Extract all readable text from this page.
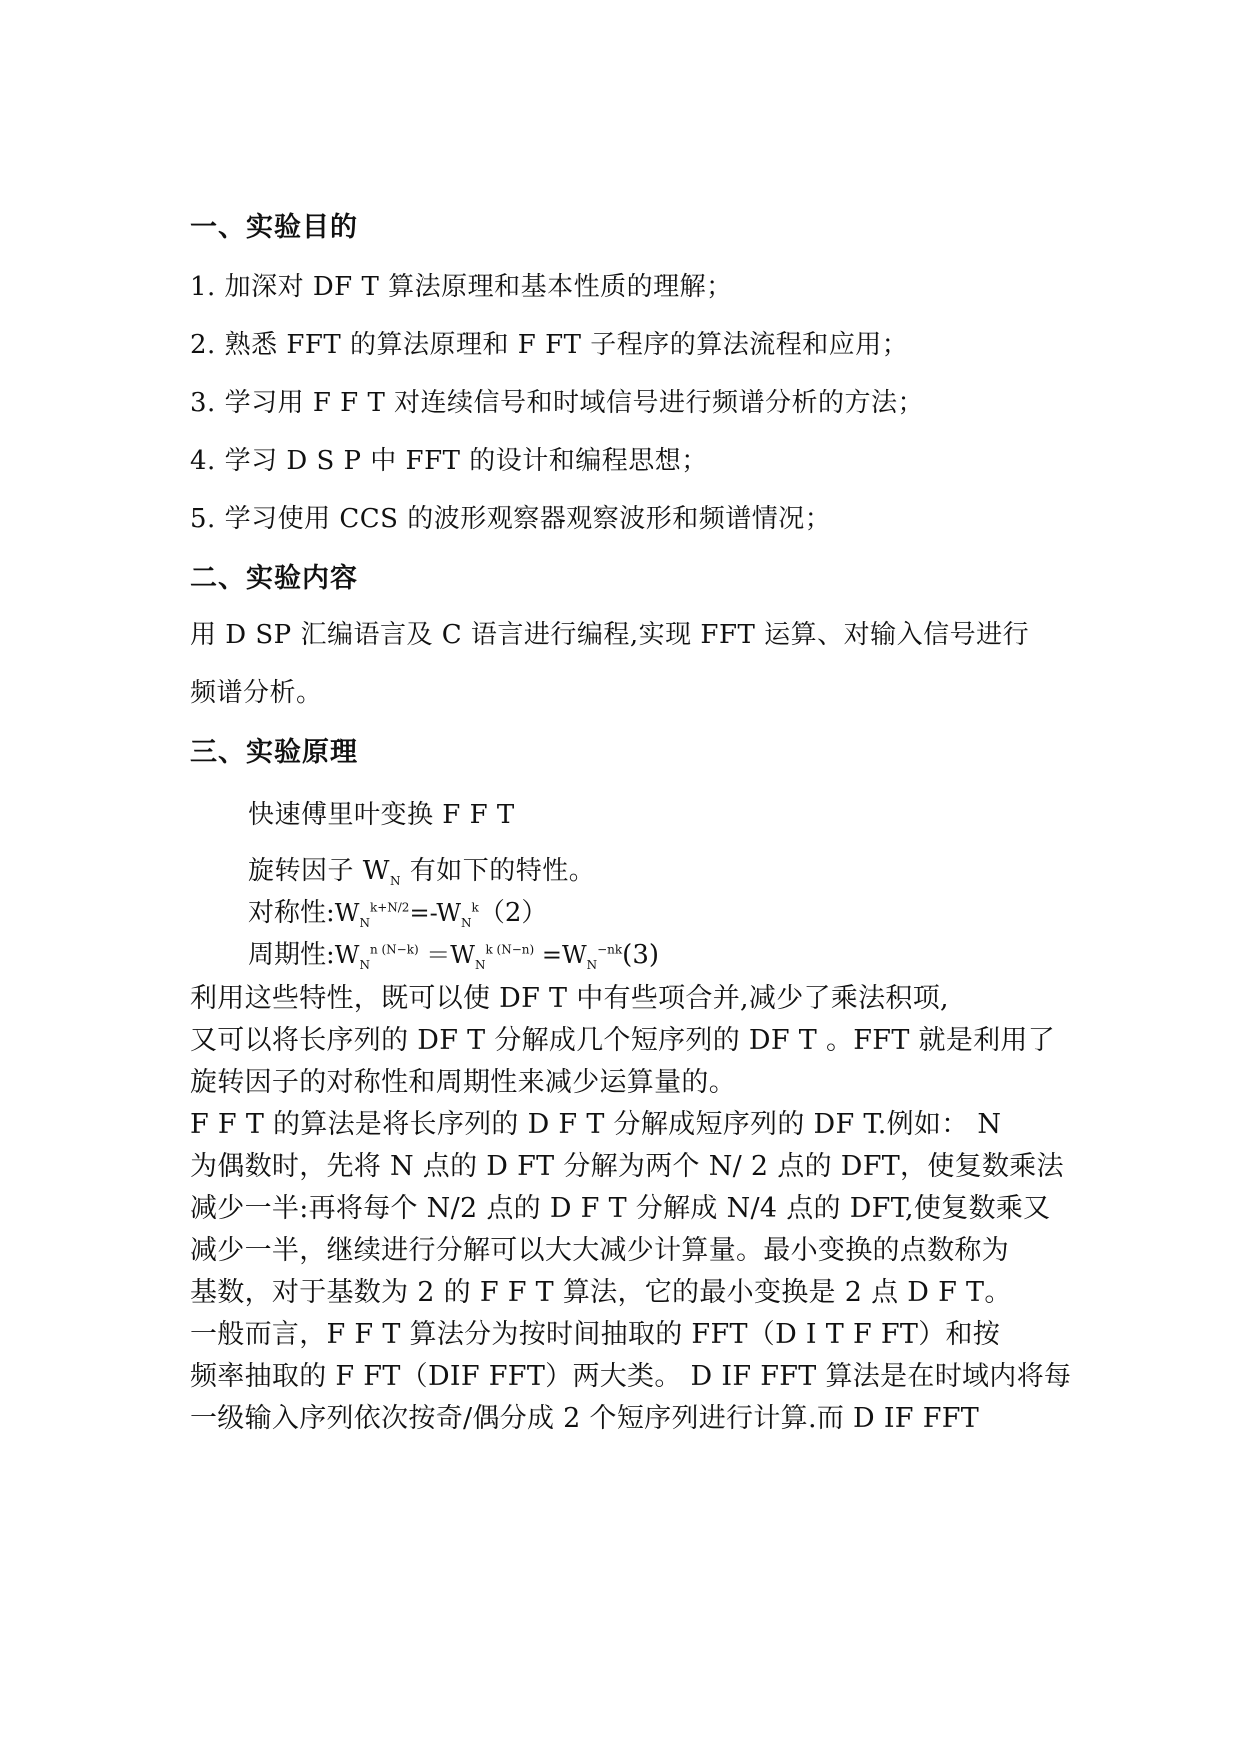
一、实验目的
1. 加深对 DF T 算法原理和基本性质的理解；
2. 熟悉 FFT 的算法原理和 F FT 子程序的算法流程和应用；
3. 学习用 F F T 对连续信号和时域信号进行频谱分析的方法；
4. 学习 D S P 中 FFT 的设计和编程思想；
5. 学习使用 CCS 的波形观察器观察波形和频谱情况；
二、实验内容
用 D SP 汇编语言及 C 语言进行编程,实现 FFT 运算、对输入信号进行
频谱分析。
三、实验原理
快速傅里叶变换 F F T
旋转因子 $W_N$ 有如下的特性。
对称性$:W_N^{k+N/2}=-W_N^k(2)$
周期性$:W_N^{n (N-k)} =W_N^{k (N-n)} =W_N^{-nk}(3)$
利用这些特性，既可以使 DF T 中有些项合并,减少了乘法积项,
又可以将长序列的 DF T 分解成几个短序列的 DF T 。FFT 就是利用了
旋转因子的对称性和周期性来减少运算量的。
F F T 的算法是将长序列的 D F T 分解成短序列的 DF T.例如： N
为偶数时，先将 N 点的 D FT 分解为两个 N/ 2 点的 DFT，使复数乘法
减少一半:再将每个 N/2 点的 D F T 分解成 N/4 点的 DFT,使复数乘又
减少一半，继续进行分解可以大大减少计算量。最小变换的点数称为
基数，对于基数为 2 的 F F T 算法，它的最小变换是 2 点 D F T。
一般而言，F F T 算法分为按时间抽取的 FFT（D I T F FT）和按
频率抽取的 F FT（DIF FFT）两大类。 D IF FFT 算法是在时域内将每
一级输入序列依次按奇/偶分成 2 个短序列进行计算.而 D IF FFT
